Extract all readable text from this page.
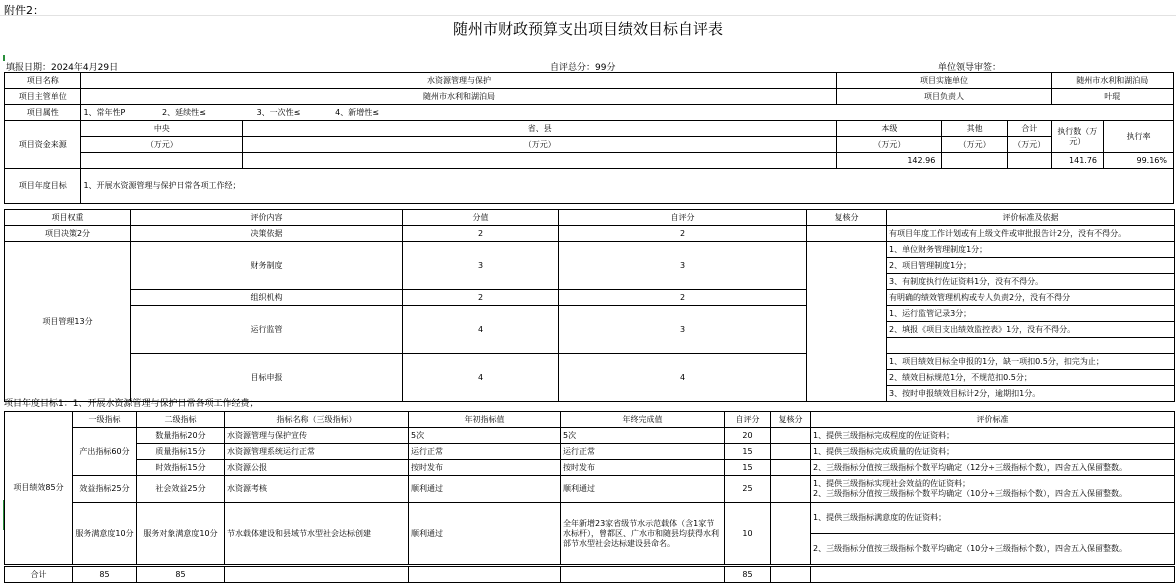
附件2：
随州市财政预算支出项目绩效目标自评表
填报日期：2024年4月29日	自评总分：99分	单位领导审签：
项目名称	水资源管理与保护		项目实施单位			随州市水利和湖泊局	
项目主管单位	随州市水利和湖泊局		项目负责人			叶琨	
项目属性	1、常年性P 2、延续性≤ 3、一次性≤ 4、新增性≤						
项目资金来源	中央	省、县	本级	其他	合计	执行数（万元）	执行率
	（万元）	（万元）	（万元）	（万元）	（万元）		
			142.96			141.76	99.16%
项目年度目标	1、开展水资源管理与保护日常各项工作经；						
项目权重	评价内容	分值	自评分	复核分	评价标准及依据
项目决策2分	决策依据	2	2		有项目年度工作计划或有上级文件或审批报告计2分，没有不得分。
项目管理13分	财务制度	3	3		1、单位财务管理制度1分；
					2、项目管理制度1分；
					3、有制度执行佐证资料1分，没有不得分。
	组织机构	2	2		有明确的绩效管理机构或专人负责2分，没有不得分
	运行监管	4	3		1、运行监管记录3分；
					2、填报《项目支出绩效监控表》1分，没有不得分。

	目标申报	4	4		1、项目绩效目标全申报的1分，缺一项扣0.5分，扣完为止；
					2、绩效目标规范1分，不规范扣0.5分；
					3、按时申报绩效目标计2分，逾期扣1分。
项目年度目标1：1、开展水资源管理与保护日常各项工作经费；
项目绩效85分	一级指标	二级指标	指标名称（三级指标）	年初指标值	年终完成值	自评分	复核分	评价标准
	产出指标60分	数量指标20分	水资源管理与保护宣传	5次	5次	20		1、提供三级指标完成程度的佐证资料；
		质量指标15分	水资源管理系统运行正常	运行正常	运行正常	15		1、提供三级指标完成质量的佐证资料；
		时效指标15分	水资源公报	按时发布	按时发布	15		2、三级指标分值按三级指标个数平均确定（12分÷三级指标个数），四舍五入保留整数。
	效益指标25分	社会效益25分	水资源考核	顺利通过	顺利通过	25		1、提供三级指标实现社会效益的佐证资料；
2、三级指标分值按三级指标个数平均确定（10分÷三级指标个数），四舍五入保留整数。
	服务满意度10分	服务对象满意度10分	节水载体建设和县域节水型社会达标创建	顺利通过	全年新增23家省级节水示范载体（含1家节水标杆），曾都区、广水市和随县均获得水利部节水型社会达标建设县命名。	10		1、提供三级指标满意度的佐证资料；
								2、三级指标分值按三级指标个数平均确定（10分÷三级指标个数），四舍五入保留整数。
合计	85	85				85		
